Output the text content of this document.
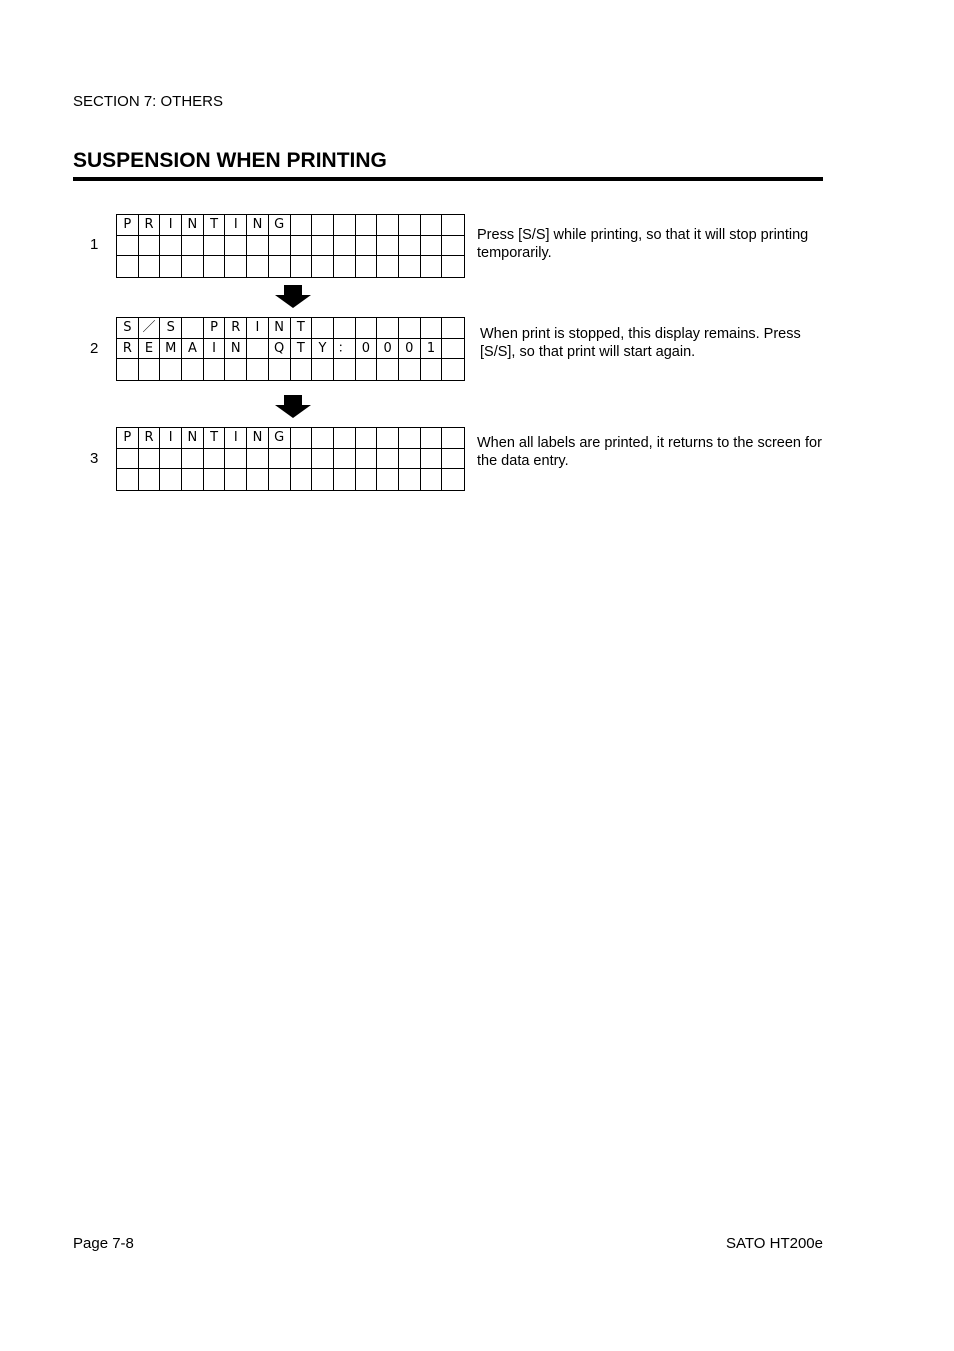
SECTION 7: OTHERS
SUSPENSION WHEN PRINTING
1
P	R	I	N T	I	N G
Press [S/S] while printing, so that it will stop printing temporarily.
2
S ／ S	P	R	I	N T
R	E M A	I	N	Q T	Y ： 0	0	0	1
When print is stopped, this display remains. Press [S/S], so that print will start again.
3
P	R	I	N T	I	N G	When all labels are printed, it returns to the screen for the data entry.
Page 7-8	SATO HT200e
